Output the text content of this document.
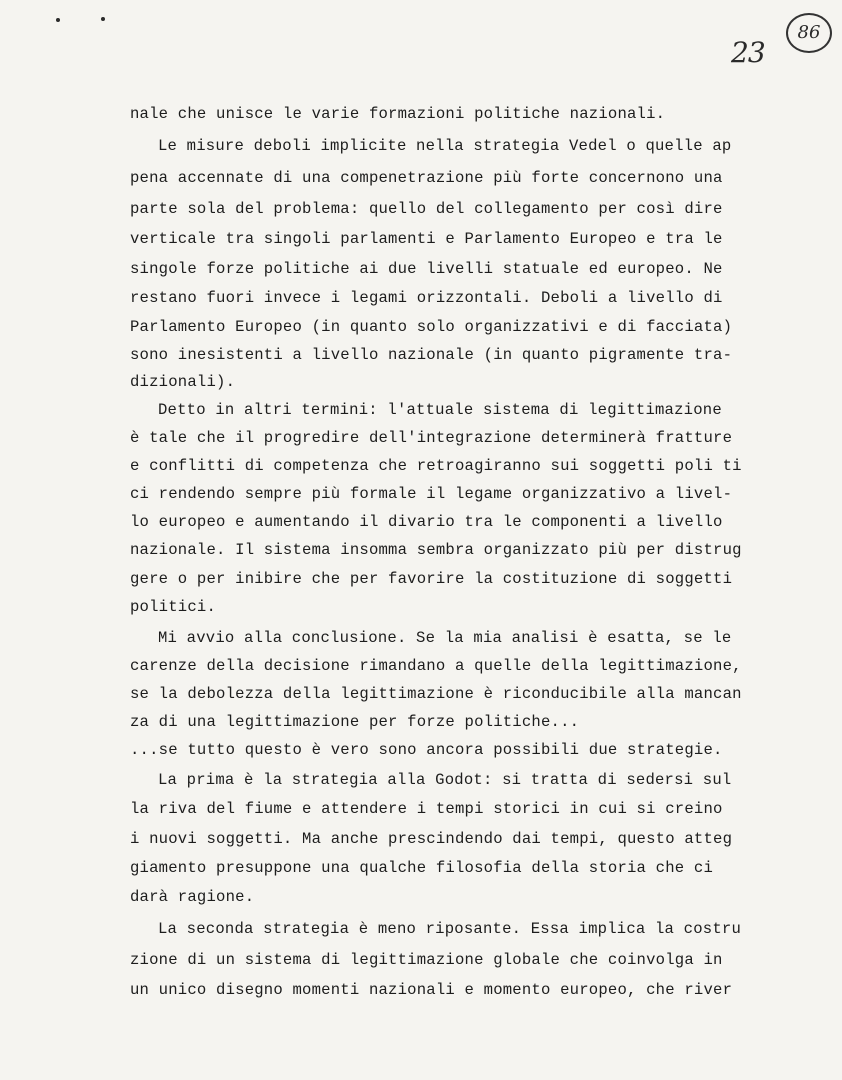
23
86
nale che unisce le varie formazioni politiche nazionali.
Le misure deboli implicite nella strategia Vedel o quelle ap
pena accennate di una compenetrazione più forte concernono una
parte sola del problema: quello del collegamento per così dire
verticale tra singoli parlamenti e Parlamento Europeo e tra le
singole forze politiche ai due livelli statuale ed europeo. Ne
restano fuori invece i legami orizzontali. Deboli a livello di
Parlamento Europeo (in quanto solo organizzativi e di facciata)
sono inesistenti a livello nazionale (in quanto pigramente tra-
dizionali).
Detto in altri termini: l'attuale sistema di legittimazione
è tale che il progredire dell'integrazione determinerà fratture
e conflitti di competenza che retroagiranno sui soggetti poli ti
ci rendendo sempre più formale il legame organizzativo a livel-
lo europeo e aumentando il divario tra le componenti a livello
nazionale. Il sistema insomma sembra organizzato più per distrug
gere o per inibire che per favorire la costituzione di soggetti
politici.
Mi avvio alla conclusione. Se la mia analisi è esatta, se le
carenze della decisione rimandano a quelle della legittimazione,
se la debolezza della legittimazione è riconducibile alla mancan
za di una legittimazione per forze politiche...
...se tutto questo è vero sono ancora possibili due strategie.
La prima è la strategia alla Godot: si tratta di sedersi sul
la riva del fiume e attendere i tempi storici in cui si creino
i nuovi soggetti. Ma anche prescindendo dai tempi, questo atteg
giamento presuppone una qualche filosofia della storia che ci
darà ragione.
La seconda strategia è meno riposante. Essa implica la costru
zione di un sistema di legittimazione globale che coinvolga in
un unico disegno momenti nazionali e momento europeo, che river
